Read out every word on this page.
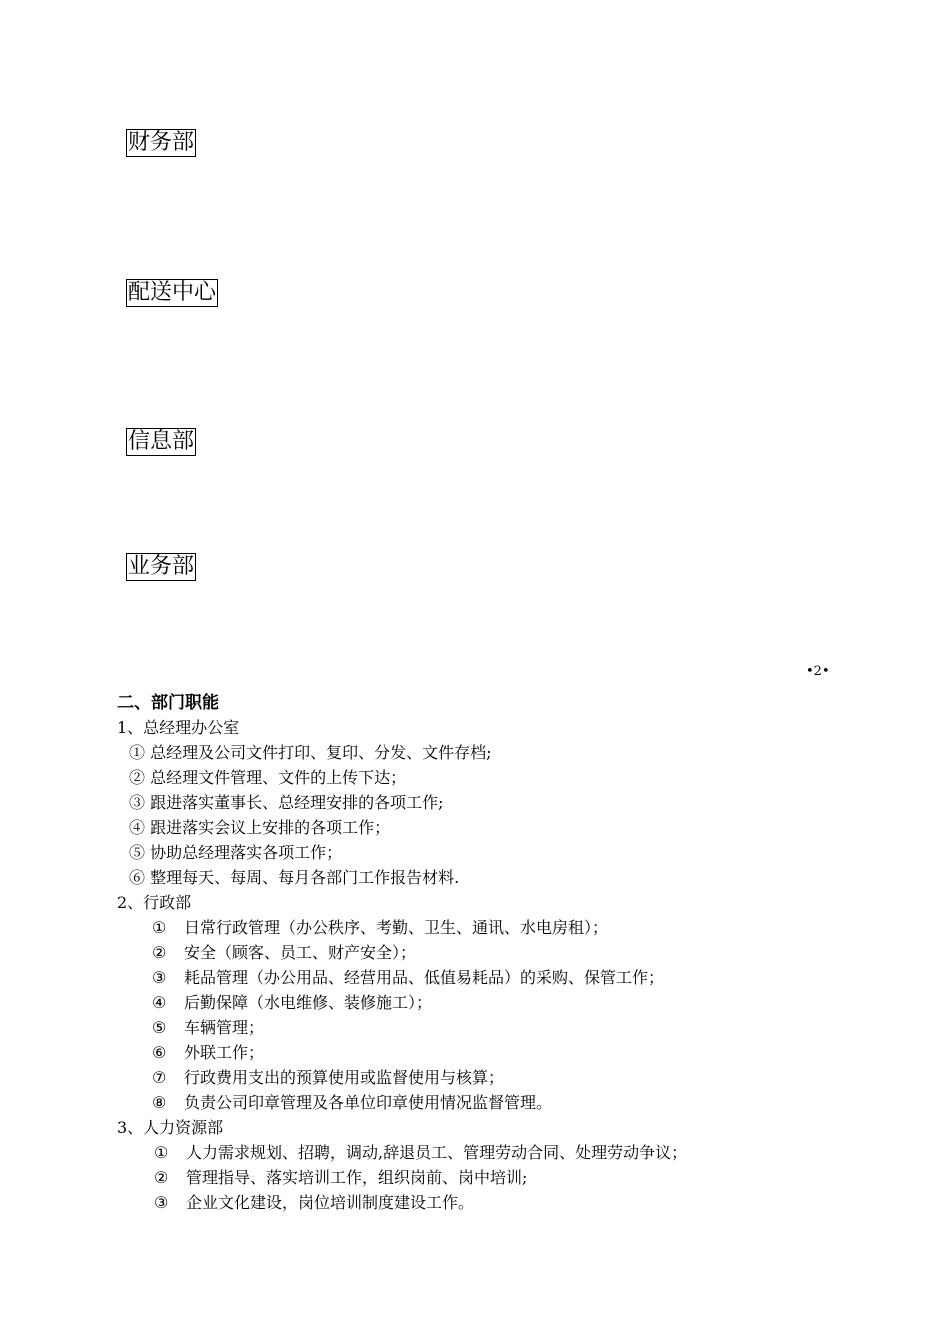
财务部
配送中心
信息部
业务部
•2•
二、部门职能
1、总经理办公室
① 总经理及公司文件打印、复印、分发、文件存档;
② 总经理文件管理、文件的上传下达；
③ 跟进落实董事长、总经理安排的各项工作;
④ 跟进落实会议上安排的各项工作；
⑤ 协助总经理落实各项工作；
⑥ 整理每天、每周、每月各部门工作报告材料.
2、行政部
① 日常行政管理（办公秩序、考勤、卫生、通讯、水电房租）；
② 安全（顾客、员工、财产安全）；
③ 耗品管理（办公用品、经营用品、低值易耗品）的采购、保管工作；
④ 后勤保障（水电维修、装修施工）；
⑤ 车辆管理；
⑥ 外联工作；
⑦ 行政费用支出的预算使用或监督使用与核算；
⑧ 负责公司印章管理及各单位印章使用情况监督管理。
3、人力资源部
① 人力需求规划、招聘，调动,辞退员工、管理劳动合同、处理劳动争议；
② 管理指导、落实培训工作，组织岗前、岗中培训;
③ 企业文化建设，岗位培训制度建设工作。
